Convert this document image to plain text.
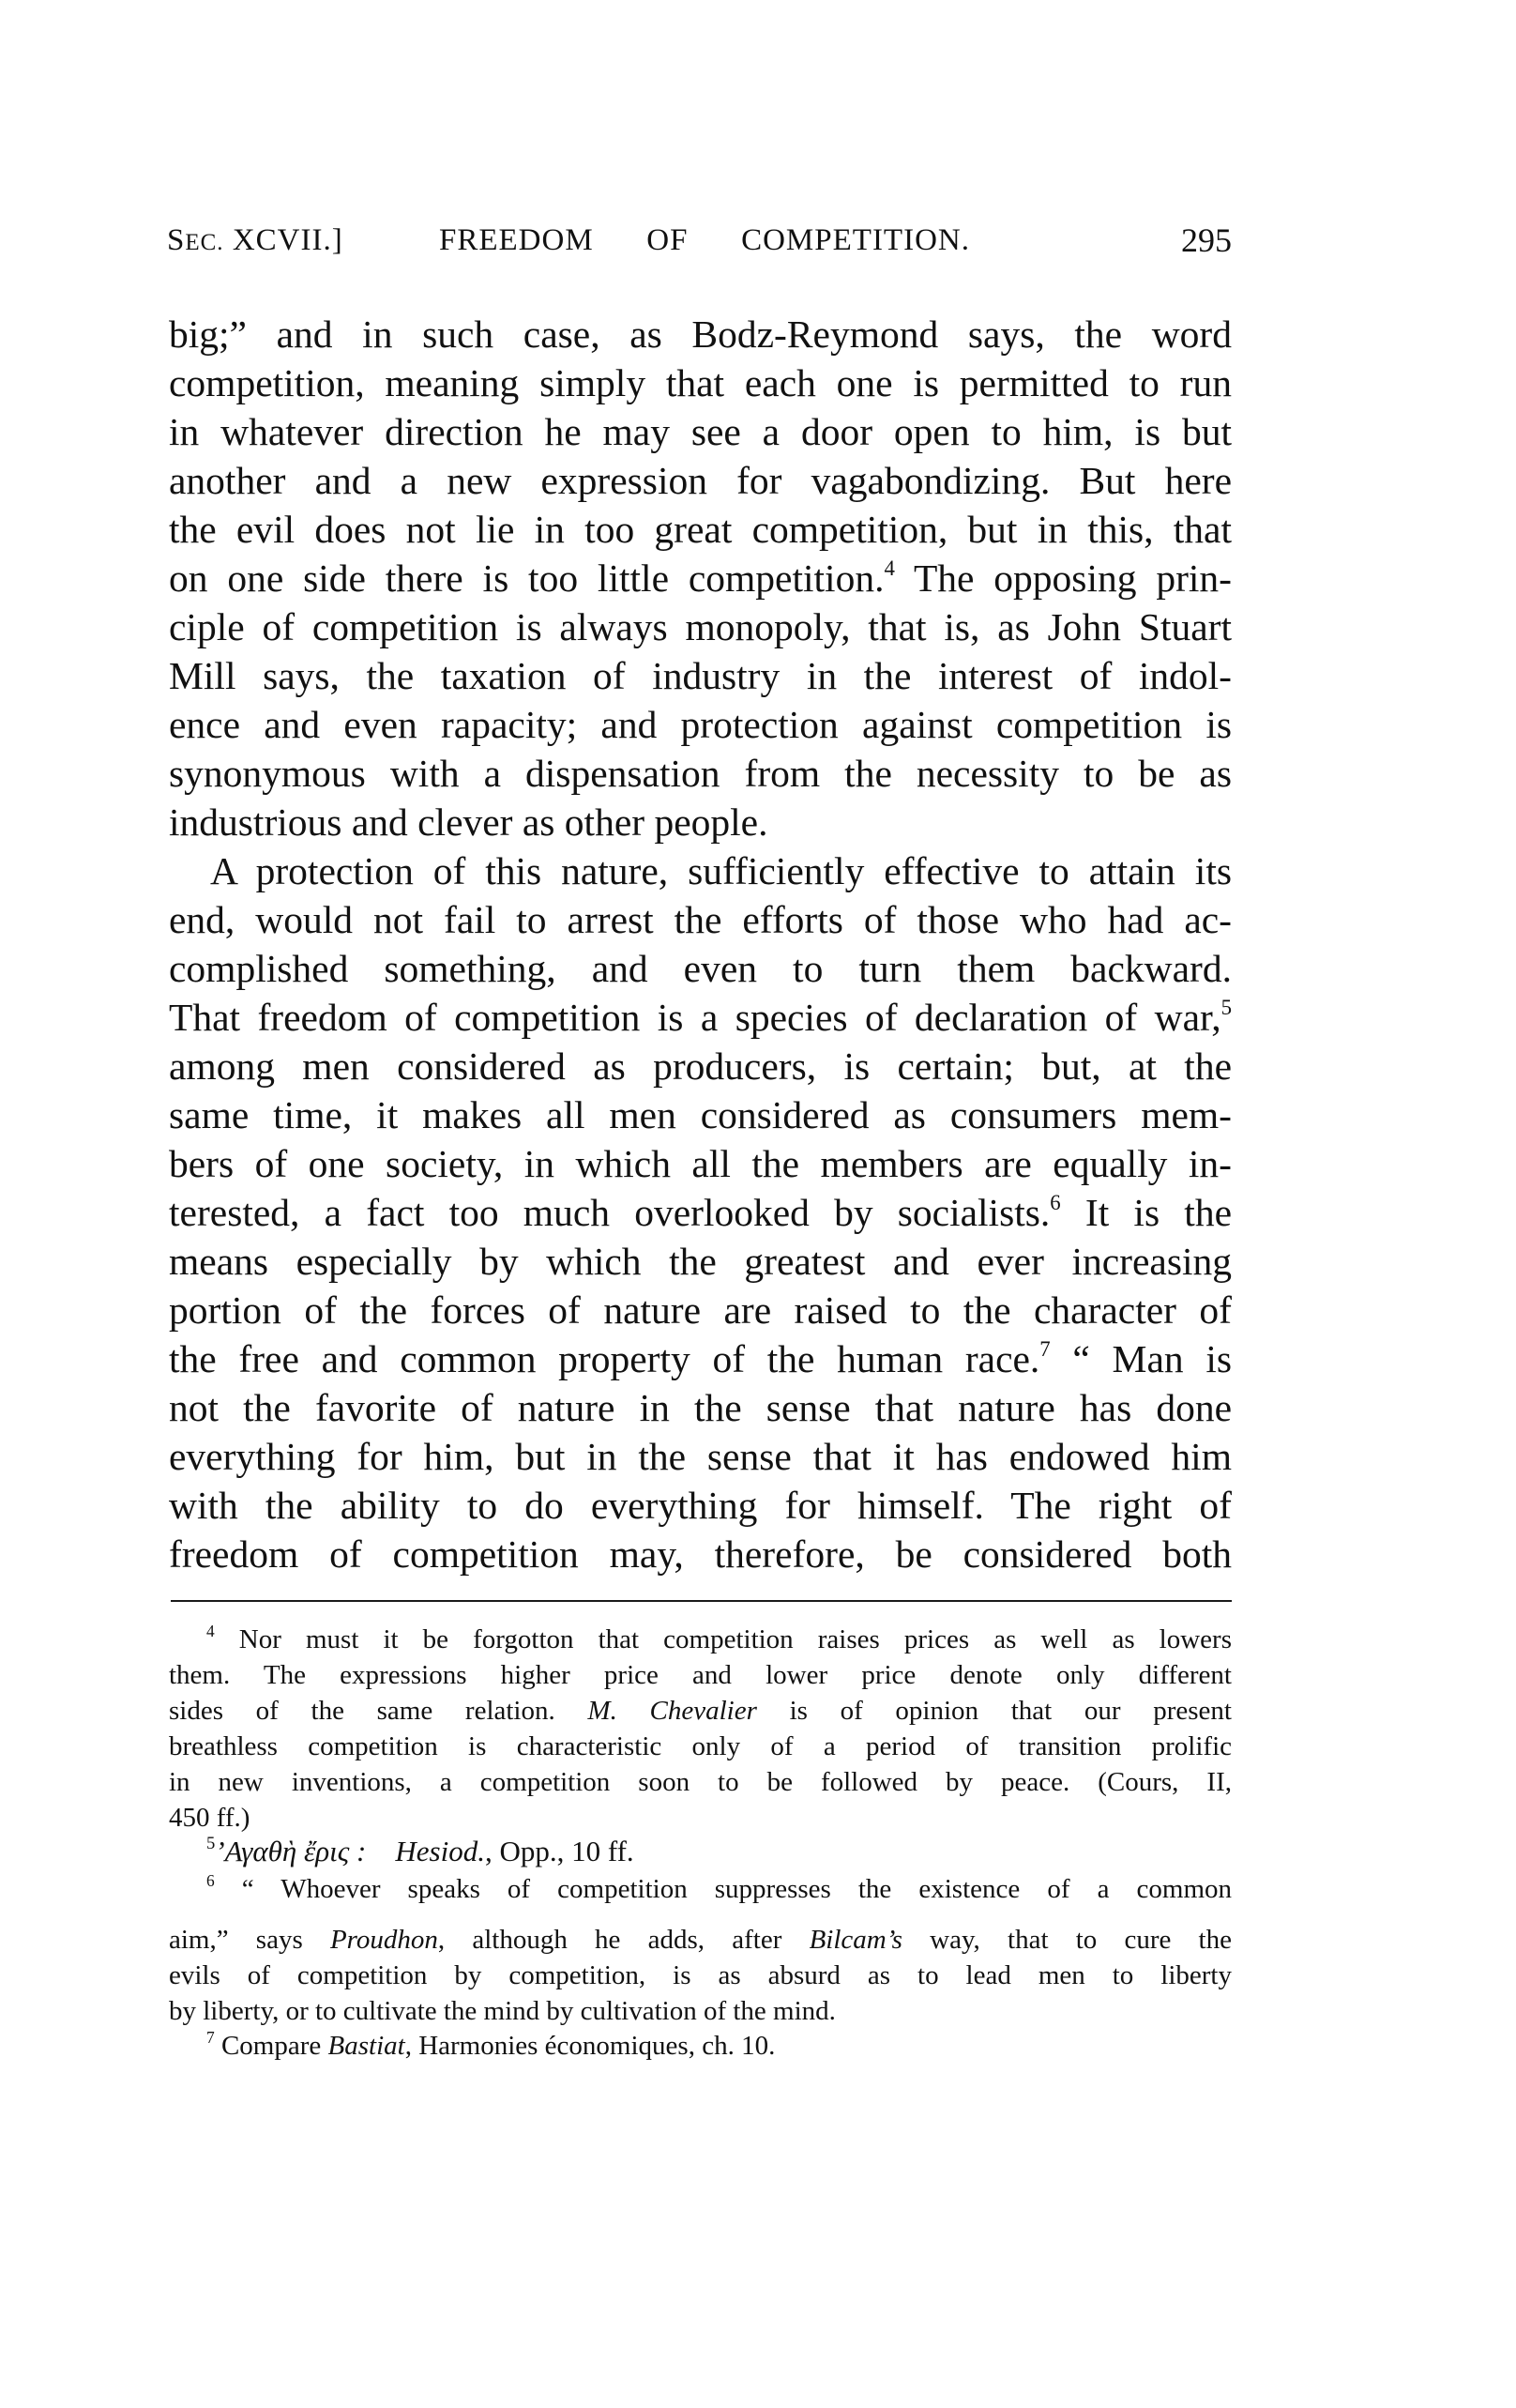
SEC. XCVII.]	FREEDOM OF COMPETITION.	295
big;” and in such case, as Bodz-Reymond says, the word
competition, meaning simply that each one is permitted to run
in whatever direction he may see a door open to him, is but
another and a new expression for vagabondizing. But here
the evil does not lie in too great competition, but in this, that
on one side there is too little competition.$^4$ The opposing prin-
ciple of competition is always monopoly, that is, as John Stuart
Mill says, the taxation of industry in the interest of indol-
ence and even rapacity; and protection against competition is
synonymous with a dispensation from the necessity to be as
industrious and clever as other people.
A protection of this nature, sufficiently effective to attain its
end, would not fail to arrest the efforts of those who had ac-
complished something, and even to turn them backward.
That freedom of competition is a species of declaration of war,$^5$
among men considered as producers, is certain; but, at the
same time, it makes all men considered as consumers mem-
bers of one society, in which all the members are equally in-
terested, a fact too much overlooked by socialists.$^6$ It is the
means especially by which the greatest and ever increasing
portion of the forces of nature are raised to the character of
the free and common property of the human race.$^7$ “ Man is
not the favorite of nature in the sense that nature has done
everything for him, but in the sense that it has endowed him
with the ability to do everything for himself. The right of
freedom of competition may, therefore, be considered both
$^4$ Nor must it be forgotton that competition raises prices as well as lowers
them. The expressions higher price and lower price denote only different
sides of the same relation. M. Chevalier is of opinion that our present
breathless competition is characteristic only of a period of transition prolific
in new inventions, a competition soon to be followed by peace. (Cours, II,
450 ff.)
$^5$’Αγαθὴ ἔρις : Hesiod., Opp., 10 ff.
$^6$ “ Whoever speaks of competition suppresses the existence of a common
aim,” says Proudhon, although he adds, after Bilcam’s way, that to cure the
evils of competition by competition, is as absurd as to lead men to liberty
by liberty, or to cultivate the mind by cultivation of the mind.
$^7$ Compare Bastiat, Harmonies économiques, ch. 10.
